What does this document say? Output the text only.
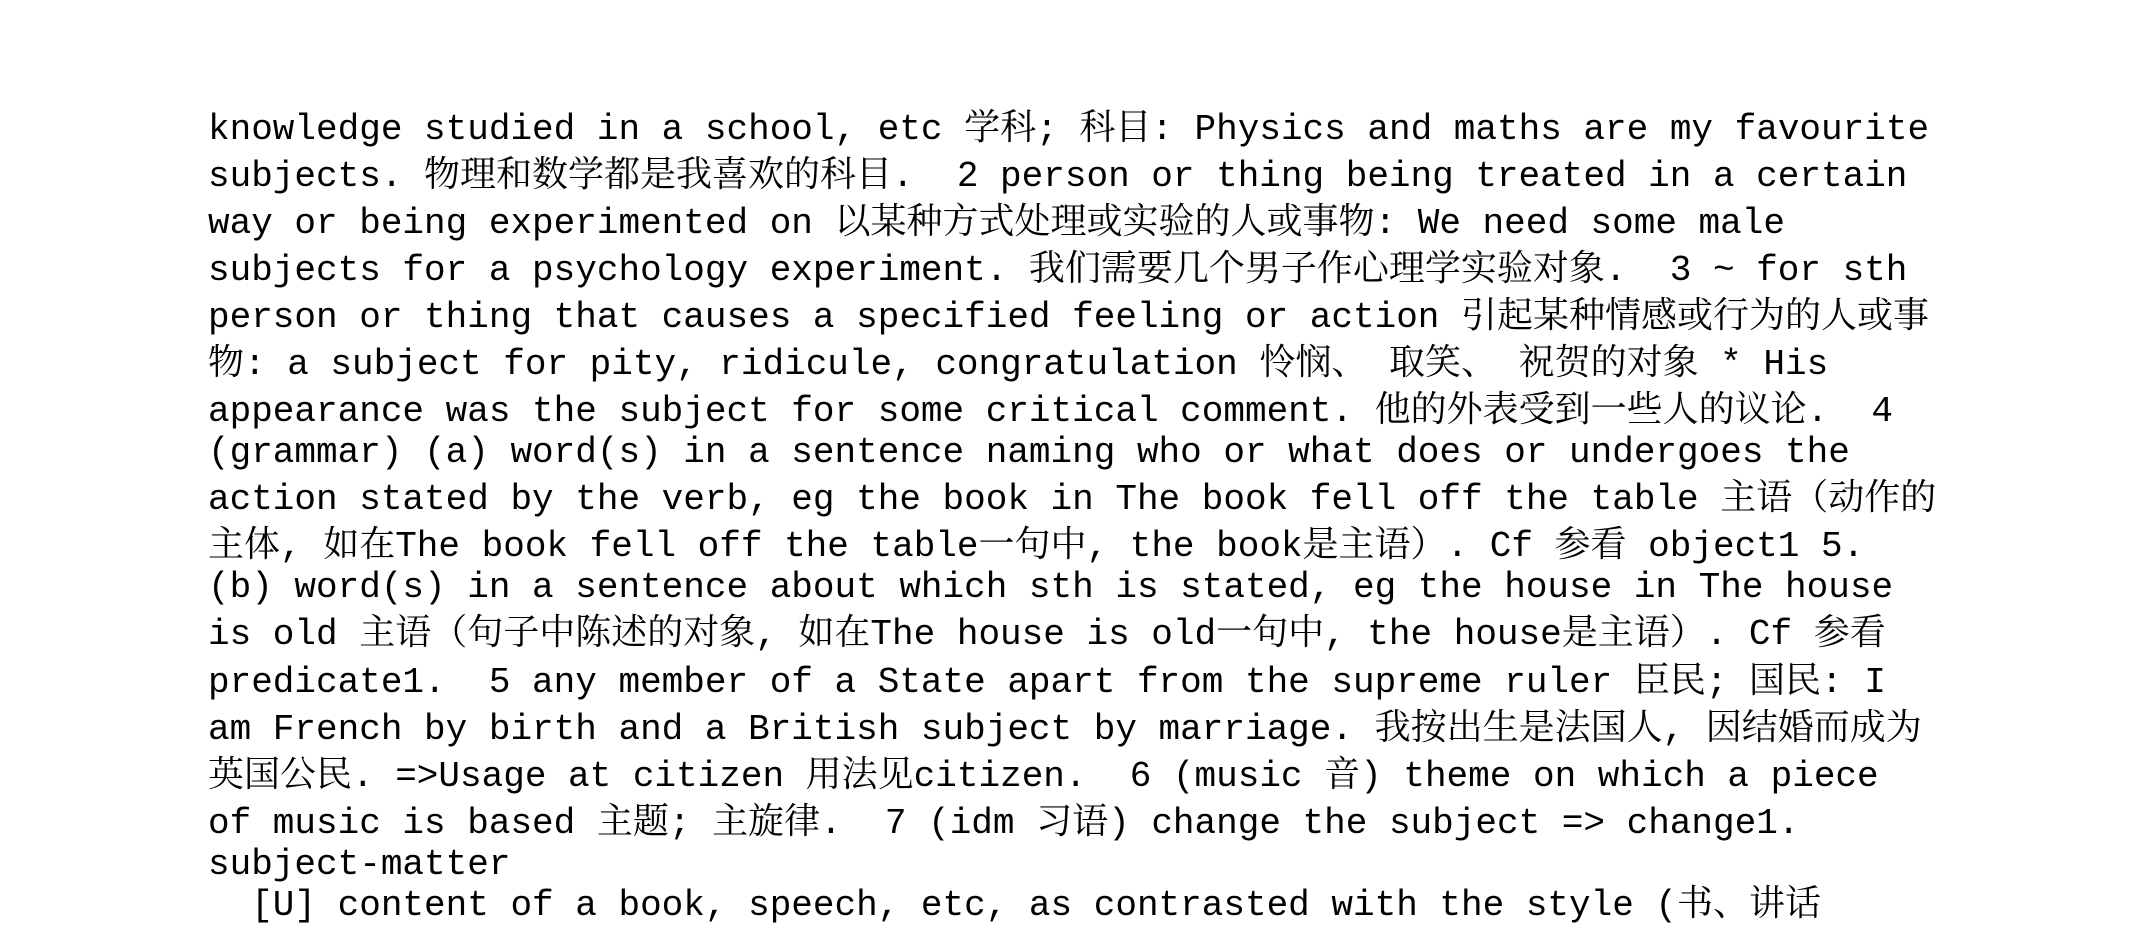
knowledge studied in a school, etc 学科; 科目: Physics and maths are my favourite
subjects. 物理和数学都是我喜欢的科目.  2 person or thing being treated in a certain
way or being experimented on 以某种方式处理或实验的人或事物: We need some male
subjects for a psychology experiment. 我们需要几个男子作心理学实验对象.  3 ~ for sth
person or thing that causes a specified feeling or action 引起某种情感或行为的人或事
物: a subject for pity, ridicule, congratulation 怜悯、 取笑、 祝贺的对象 * His
appearance was the subject for some critical comment. 他的外表受到一些人的议论.  4
(grammar) (a) word(s) in a sentence naming who or what does or undergoes the
action stated by the verb, eg the book in The book fell off the table 主语（动作的
主体, 如在The book fell off the table一句中, the book是主语）. Cf 参看 object1 5.
(b) word(s) in a sentence about which sth is stated, eg the house in The house
is old 主语（句子中陈述的对象, 如在The house is old一句中, the house是主语）. Cf 参看
predicate1.  5 any member of a State apart from the supreme ruler 臣民; 国民: I
am French by birth and a British subject by marriage. 我按出生是法国人, 因结婚而成为
英国公民. =>Usage at citizen 用法见citizen.  6 (music 音) theme on which a piece
of music is based 主题; 主旋律.  7 (idm 习语) change the subject => change1.
subject-matter
[U] content of a book, speech, etc, as contrasted with the style (书、讲话
